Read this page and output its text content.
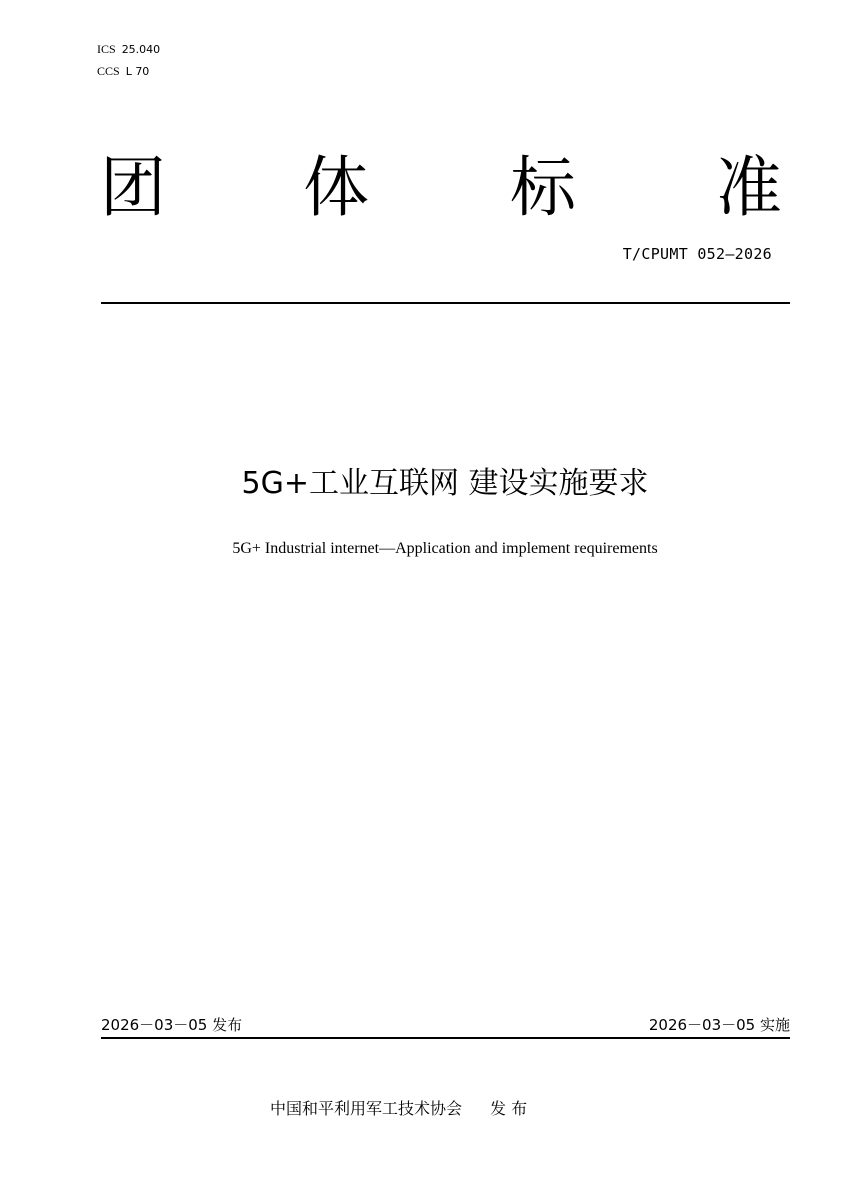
ICS 25.040
CCS L 70
团 体 标 准
T/CPUMT 052—2026
5G+工业互联网 建设实施要求
5G+ Industrial internet—Application and implement requirements
2026－03－05 发布	2026－03－05 实施
中国和平利用军工技术协会 发 布
